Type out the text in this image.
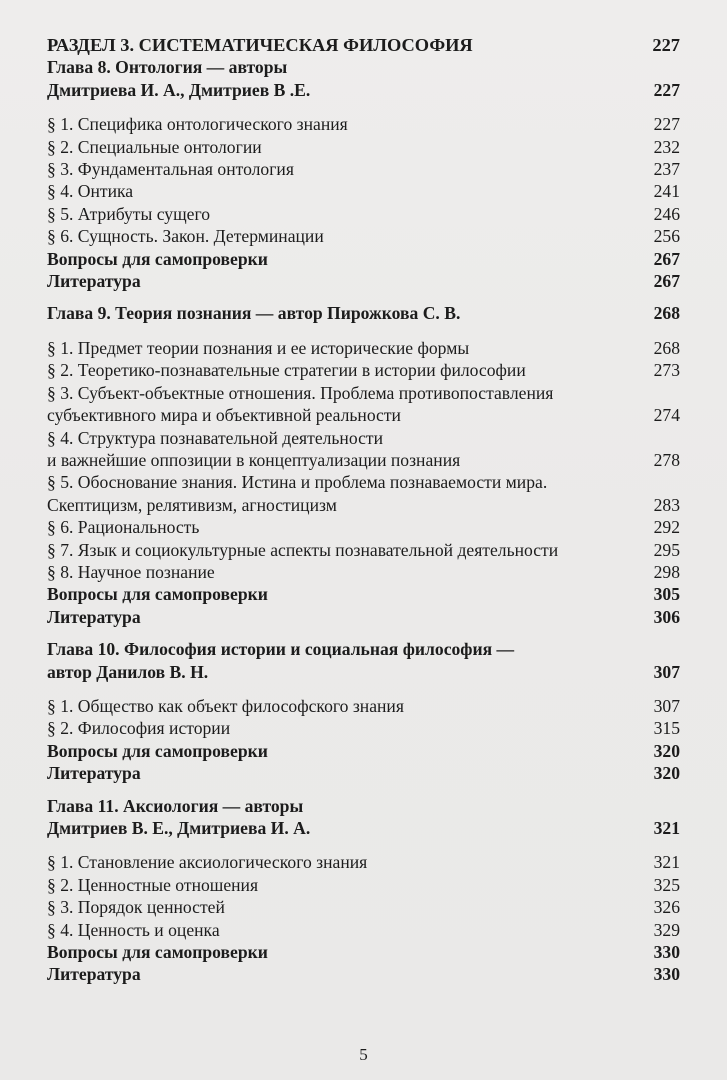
РАЗДЕЛ 3. СИСТЕМАТИЧЕСКАЯ ФИЛОСОФИЯ	227
Глава 8. Онтология — авторы
Дмитриева И. А., Дмитриев В .Е.	227
§ 1. Специфика онтологического знания	227
§ 2. Специальные онтологии	232
§ 3. Фундаментальная онтология	237
§ 4. Онтика	241
§ 5. Атрибуты сущего	246
§ 6. Сущность. Закон. Детерминации	256
Вопросы для самопроверки	267
Литература	267
Глава 9. Теория познания — автор Пирожкова С. В.	268
§ 1. Предмет теории познания и ее исторические формы	268
§ 2. Теоретико-познавательные стратегии в истории философии	273
§ 3. Субъект-объектные отношения. Проблема противопоставления
субъективного мира и объективной реальности	274
§ 4. Структура познавательной деятельности
и важнейшие оппозиции в концептуализации познания	278
§ 5. Обоснование знания. Истина и проблема познаваемости мира.
Скептицизм, релятивизм, агностицизм	283
§ 6. Рациональность	292
§ 7. Язык и социокультурные аспекты познавательной деятельности	295
§ 8. Научное познание	298
Вопросы для самопроверки	305
Литература	306
Глава 10. Философия истории и социальная философия —
автор Данилов В. Н.	307
§ 1. Общество как объект философского знания	307
§ 2. Философия истории	315
Вопросы для самопроверки	320
Литература	320
Глава 11. Аксиология — авторы
Дмитриев В. Е., Дмитриева И. А.	321
§ 1. Становление аксиологического знания	321
§ 2. Ценностные отношения	325
§ 3. Порядок ценностей	326
§ 4. Ценность и оценка	329
Вопросы для самопроверки	330
Литература	330
5
